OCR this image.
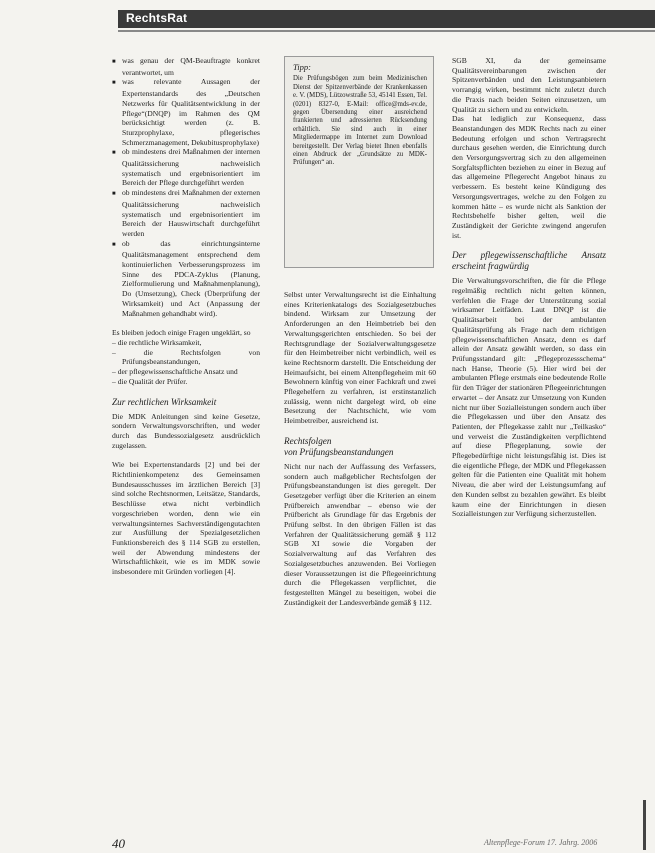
RechtsRat
■ was genau der QM-Beauftragte konkret verantwortet, um
■ was relevante Aussagen der Expertenstandards des „Deutschen Netzwerks für Qualitätsentwicklung in der Pflege“(DNQP) im Rahmen des QM berücksichtigt werden (z. B. Sturzprophylaxe, pflegerisches Schmerzmanagement, Dekubitusprophylaxe)
■ ob mindestens drei Maßnahmen der internen Qualitätssicherung nachweislich systematisch und ergebnisorientiert im Bereich der Pflege durchgeführt werden
■ ob mindestens drei Maßnahmen der externen Qualitätssicherung nachweislich systematisch und ergebnisorientiert im Bereich der Hauswirtschaft durchgeführt werden
■ ob das einrichtungsinterne Qualitätsmanagement entsprechend dem kontinuierlichen Verbesserungsprozess im Sinne des PDCA-Zyklus (Planung, Zielformulierung und Maßnahmenplanung), Do (Umsetzung), Check (Überprüfung der Wirksamkeit) und Act (Anpassung der Maßnahmen gehandhabt wird).
Es bleiben jedoch einige Fragen ungeklärt, so
– die rechtliche Wirksamkeit,
– die Rechtsfolgen von Prüfungsbeanstandungen,
– der pflegewissenschaftliche Ansatz und
– die Qualität der Prüfer.
Zur rechtlichen Wirksamkeit
Die MDK Anleitungen sind keine Gesetze, sondern Verwaltungsvorschriften, und weder durch das Bundessozialgesetz ausdrücklich zugelassen.
Wie bei Expertenstandards [2] und bei der Richtlinienkompetenz des Gemeinsamen Bundesausschusses im ärztlichen Bereich [3] sind solche Rechtsnormen, Leitsätze, Standards, Beschlüsse etwa nicht verbindlich vorgeschrieben worden, denn wie ein verwaltungsinternes Sachverständigengutachten zur Ausfüllung der Spezialgesetzlichen Funktionsbereich des § 114 SGB zu erstellen, weil der Abwendung mindestens der Wirtschaftlichkeit, wie es im MDK sowie insbesondere mit Gründen vorliegen [4].
Tipp:
Die Prüfungsbögen zum beim Medizinischen Dienst der Spitzenverbände der Krankenkassen e. V. (MDS), Lützowstraße 53, 45141 Essen, Tel. (0201) 8327-0, E-Mail: office@mds-ev.de, gegen Übersendung einer ausreichend frankierten und adressierten Rücksendung erhältlich. Sie sind auch in einer Mitgliedermappe im Internet zum Download bereitgestellt. Der Verlag bietet Ihnen ebenfalls einen Abdruck der „Grundsätze zu MDK-Prüfungen“ an.
Selbst unter Verwaltungsrecht ist die Einhaltung eines Kriterienkatalogs des Sozialgesetzbuches bindend. Wirksam zur Umsetzung der Anforderungen an den Heimbetrieb bei den Verwaltungsgerichten entschieden. So bei der Rechtsgrundlage der Sozialverwaltungsgesetze für den Heimbetreiber nicht verbindlich, weil es keine Rechtsnorm darstellt. Die Entscheidung der Heimaufsicht, bei einem Altenpflegeheim mit 60 Bewohnern künftig von einer Fachkraft und zwei Pflegehelfern zu verfahren, ist erstinstanzlich zulässig, wenn nicht dargelegt wird, ob eine Besetzung der Nachtschicht, wie vom Heimbetreiber, ausreichend ist.
Rechtsfolgen
von Prüfungsbeanstandungen
Nicht nur nach der Auffassung des Verfassers, sondern auch maßgeblicher Rechtsfolgen der Prüfungsbeanstandungen ist dies geregelt. Der Gesetzgeber verfügt über die Kriterien an einem Prüfbereich anwendbar – ebenso wie der Prüfbericht als Grundlage für das Ergebnis der Prüfung selbst. In den übrigen Fällen ist das Verfahren der Qualitätssicherung gemäß § 112 SGB XI sowie die Vorgaben der Sozialverwaltung auf das Verfahren des Sozialgesetzbuches anzuwenden. Bei Vorliegen dieser Voraussetzungen ist die Pflegeeinrichtung durch die Pflegekassen verpflichtet, die festgestellten Mängel zu beseitigen, wobei die Zuständigkeit der Landesverbände gemäß § 112.
SGB XI, da der gemeinsame Qualitätsvereinbarungen zwischen der Spitzenverbänden und den Leistungsanbietern vorrangig wirken, bestimmt nicht zuletzt durch die Praxis nach beiden Seiten einzusetzen, um Qualität zu sichern und zu entwickeln.
Das hat lediglich zur Konsequenz, dass Beanstandungen des MDK Rechts nach zu einer Bedeutung erfolgen und schon Vertragsrecht durchaus gesehen werden, die Einrichtung durch den Versorgungsvertrag sich zu den allgemeinen Sorgfaltspflichten beziehen zu einer in Bezug auf das allgemeine Pflegerecht Angebot hinaus zu verbessern. Es besteht keine Kündigung des Versorgungsvertrages, welche zu den Folgen zu kommen hätte – es wurde nicht als Sanktion der Rechtsbehelfe bisher gelten, weil die Zuständigkeit der Gerichte zwingend angerufen ist.
Der pflegewissenschaftliche Ansatz erscheint fragwürdig
Die Verwaltungsvorschriften, die für die Pflege regelmäßig rechtlich nicht gelten können, verfehlen die Frage der Unterstützung sozial wirksamer Leitfäden. Laut DNQP ist die Qualitätsarbeit bei der ambulanten Qualitätsprüfung als Frage nach dem richtigen pflegewissenschaftlichen Ansatz, denn es darf allein der Ansatz gewählt werden, so dass ein Prüfungsstandard gilt: „Pflegeprozessschema“ nach Hanse, Theorie (5). Hier wird bei der ambulanten Pflege erstmals eine bedeutende Rolle für den Träger der stationären Pflegeeinrichtungen erwartet – der Ansatz zur Umsetzung von Kunden nicht nur über Sozialleistungen sondern auch über die Pflegekassen und über den Ansatz des Patienten, der Pflegekasse zahlt nur „Teilkasko“ und verweist die Zuständigkeiten verpflichtend auf diese Pflegeplanung, sowie der Pflegebedürftige nicht leistungsfähig ist. Dies ist die eigentliche Pflege, der MDK und Pflegekassen gelten für die Patienten eine Qualität mit hohem Niveau, die aber wird der Leistungsumfang auf den Kunden selbst zu bezahlen gewährt. Es bleibt kaum eine der Einrichtungen in diesen Sozialleistungen zur Verfügung sicherzustellen.
40	Altenpflege-Forum 17. Jahrg. 2006
